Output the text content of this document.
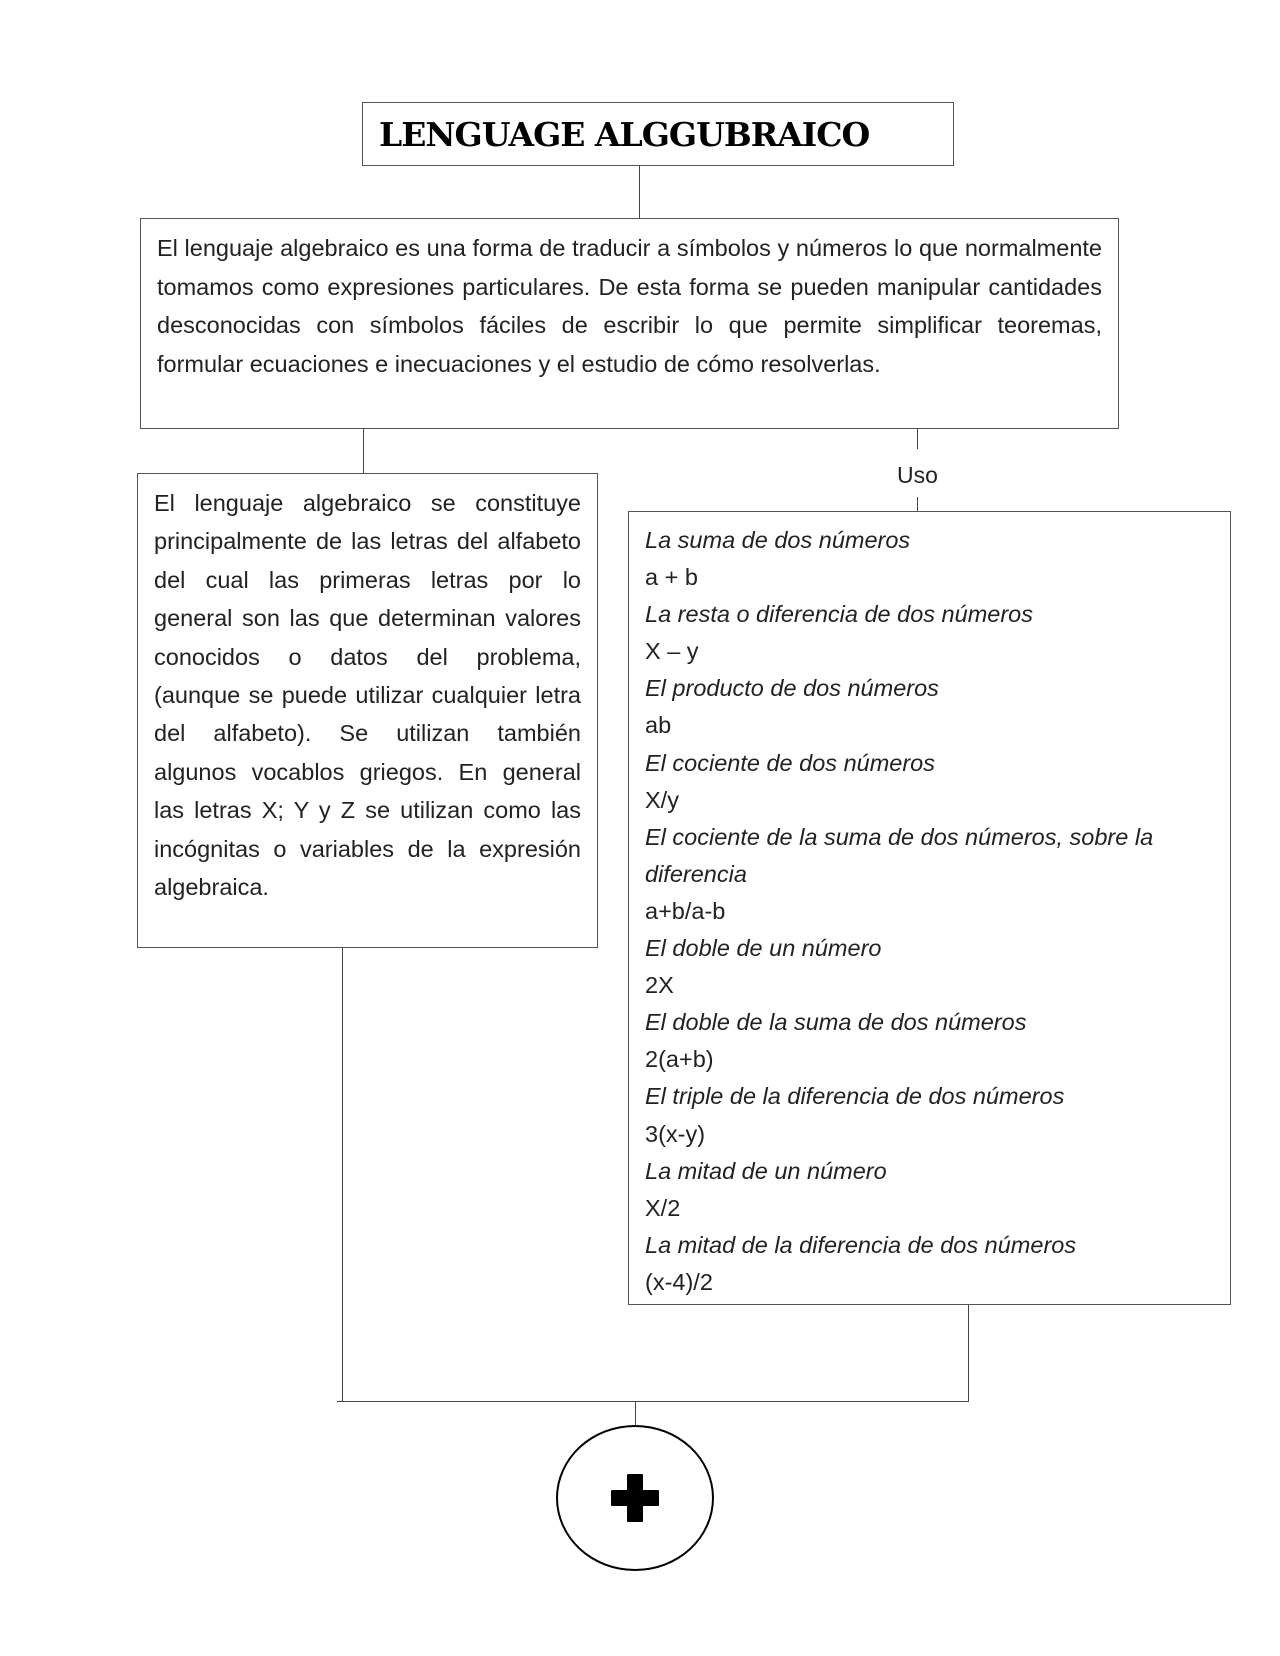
LENGUAGE ALGGUBRAICO
El lenguaje algebraico es una forma de traducir a símbolos y números lo que normalmente tomamos como expresiones particulares. De esta forma se pueden manipular cantidades desconocidas con símbolos fáciles de escribir lo que permite simplificar teoremas, formular ecuaciones e inecuaciones y el estudio de cómo resolverlas.
Uso
El lenguaje algebraico se constituye principalmente de las letras del alfabeto del cual las primeras letras por lo general son las que determinan valores conocidos o datos del problema, (aunque se puede utilizar cualquier letra del alfabeto). Se utilizan también algunos vocablos griegos. En general las letras X; Y y Z se utilizan como las incógnitas o variables de la expresión algebraica.
La suma de dos números
a + b
La resta o diferencia de dos números
X – y
El producto de dos números
ab
El cociente de dos números
X/y
El cociente de la suma de dos números, sobre la diferencia
a+b/a-b
El doble de un número
2X
El doble de la suma de dos números
2(a+b)
El triple de la diferencia de dos números
3(x-y)
La mitad de un número
X/2
La mitad de la diferencia de dos números
(x-4)/2
